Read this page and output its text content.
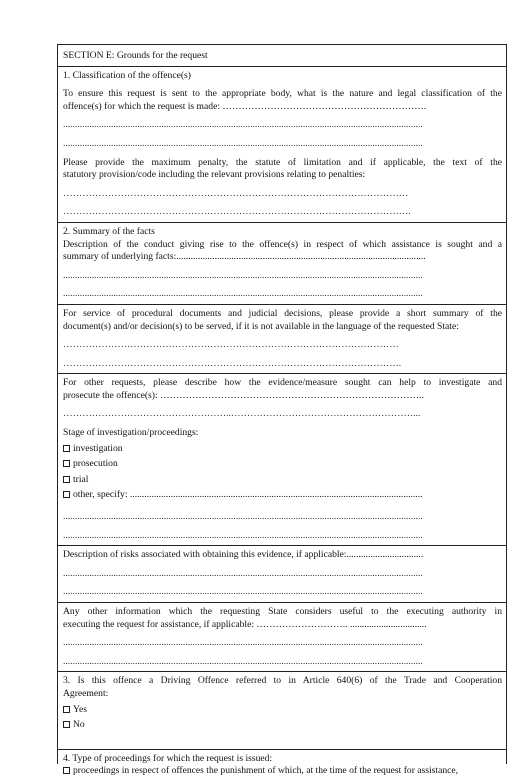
SECTION E: Grounds for the request
1. Classification of the offence(s)
To ensure this request is sent to the appropriate body, what is the nature and legal classification of the
offence(s) for which the request is made: ……………………………………………………….
......................................................................................................................................................
......................................................................................................................................................
Please provide the maximum penalty, the statute of limitation and if applicable, the text of the
statutory provision/code including the relevant provisions relating to penalties:
………………………………………………………………………………………………
……………………………………………………………………………………………….
2. Summary of the facts
Description of the conduct giving rise to the offence(s) in respect of which assistance is sought and a
summary of underlying facts:........................................................................................................
......................................................................................................................................................
......................................................................................................................................................
For service of procedural documents and judicial decisions, please provide a short summary of the
document(s) and/or decision(s) to be served, if it is not available in the language of the requested State:
……………………………………………………………………………………………
…………………………………………………………………………………………….
For other requests, please describe how the evidence/measure sought can help to investigate and
prosecute the offence(s): ………………………………………………………………………..
……………………………………………..…………………………………………………...
Stage of investigation/proceedings:
investigation
prosecution
trial
other, specify: ..........................................................................................................................
......................................................................................................................................................
......................................................................................................................................................
Description of risks associated with obtaining this evidence, if applicable:................................
......................................................................................................................................................
......................................................................................................................................................
Any other information which the requesting State considers useful to the executing authority in
executing the request for assistance, if applicable: ……………………….. ................................
......................................................................................................................................................
......................................................................................................................................................
3. Is this offence a Driving Offence referred to in Article 640(6) of the Trade and Cooperation
Agreement:
Yes
No
4. Type of proceedings for which the request is issued:
proceedings in respect of offences the punishment of which, at the time of the request for assistance,
